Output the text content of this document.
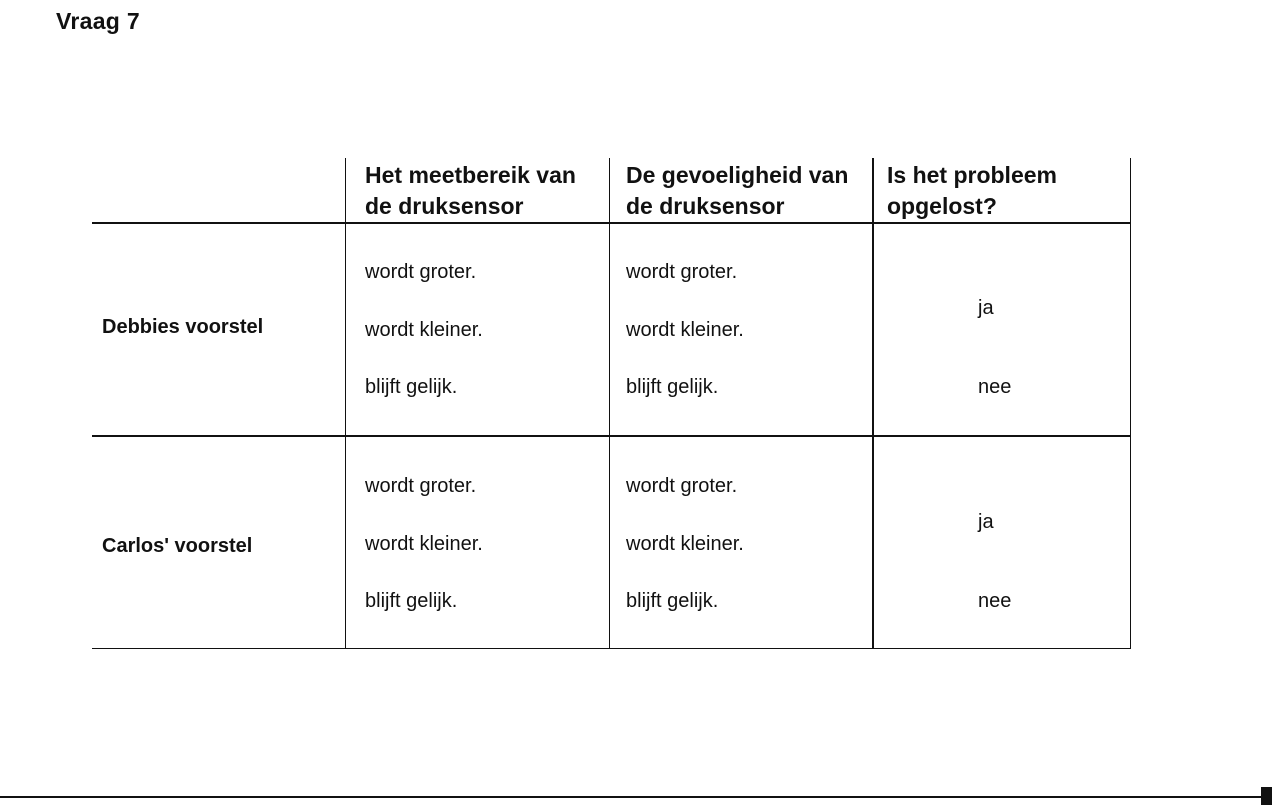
Vraag 7
Het meetbereik van
de druksensor
De gevoeligheid van
de druksensor
Is het probleem
opgelost?
Debbies voorstel
wordt groter.
wordt kleiner.
blijft gelijk.
wordt groter.
wordt kleiner.
blijft gelijk.
ja
nee
Carlos' voorstel
wordt groter.
wordt kleiner.
blijft gelijk.
wordt groter.
wordt kleiner.
blijft gelijk.
ja
nee
